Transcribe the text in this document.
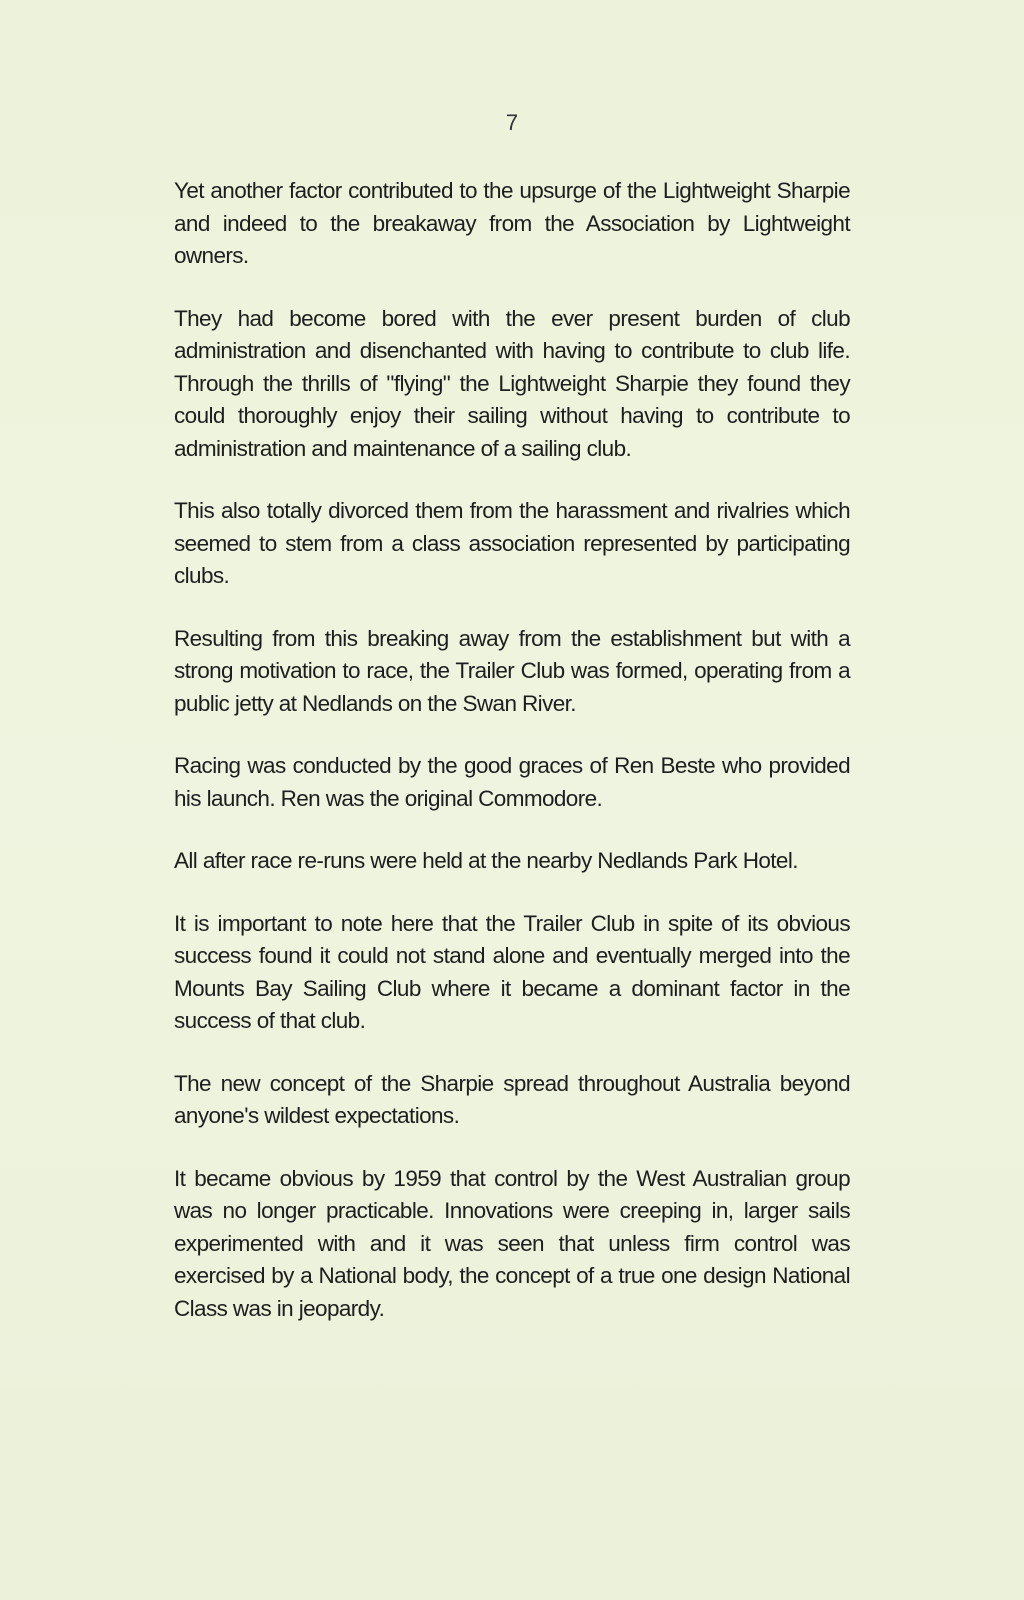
7

Yet another factor contributed to the upsurge of the Lightweight Sharpie and indeed to the breakaway from the Association by Lightweight owners.

They had become bored with the ever present burden of club administration and disenchanted with having to contribute to club life. Through the thrills of "flying" the Lightweight Sharpie they found they could thoroughly enjoy their sailing without having to contribute to administration and maintenance of a sailing club.

This also totally divorced them from the harassment and rivalries which seemed to stem from a class association represented by participating clubs.

Resulting from this breaking away from the establishment but with a strong motivation to race, the Trailer Club was formed, operating from a public jetty at Nedlands on the Swan River.

Racing was conducted by the good graces of Ren Beste who provided his launch. Ren was the original Commodore.

All after race re-runs were held at the nearby Nedlands Park Hotel.

It is important to note here that the Trailer Club in spite of its obvious success found it could not stand alone and eventually merged into the Mounts Bay Sailing Club where it became a dominant factor in the success of that club.

The new concept of the Sharpie spread throughout Australia beyond anyone's wildest expectations.

It became obvious by 1959 that control by the West Australian group was no longer practicable. Innovations were creeping in, larger sails experimented with and it was seen that unless firm control was exercised by a National body, the concept of a true one design National Class was in jeopardy.
